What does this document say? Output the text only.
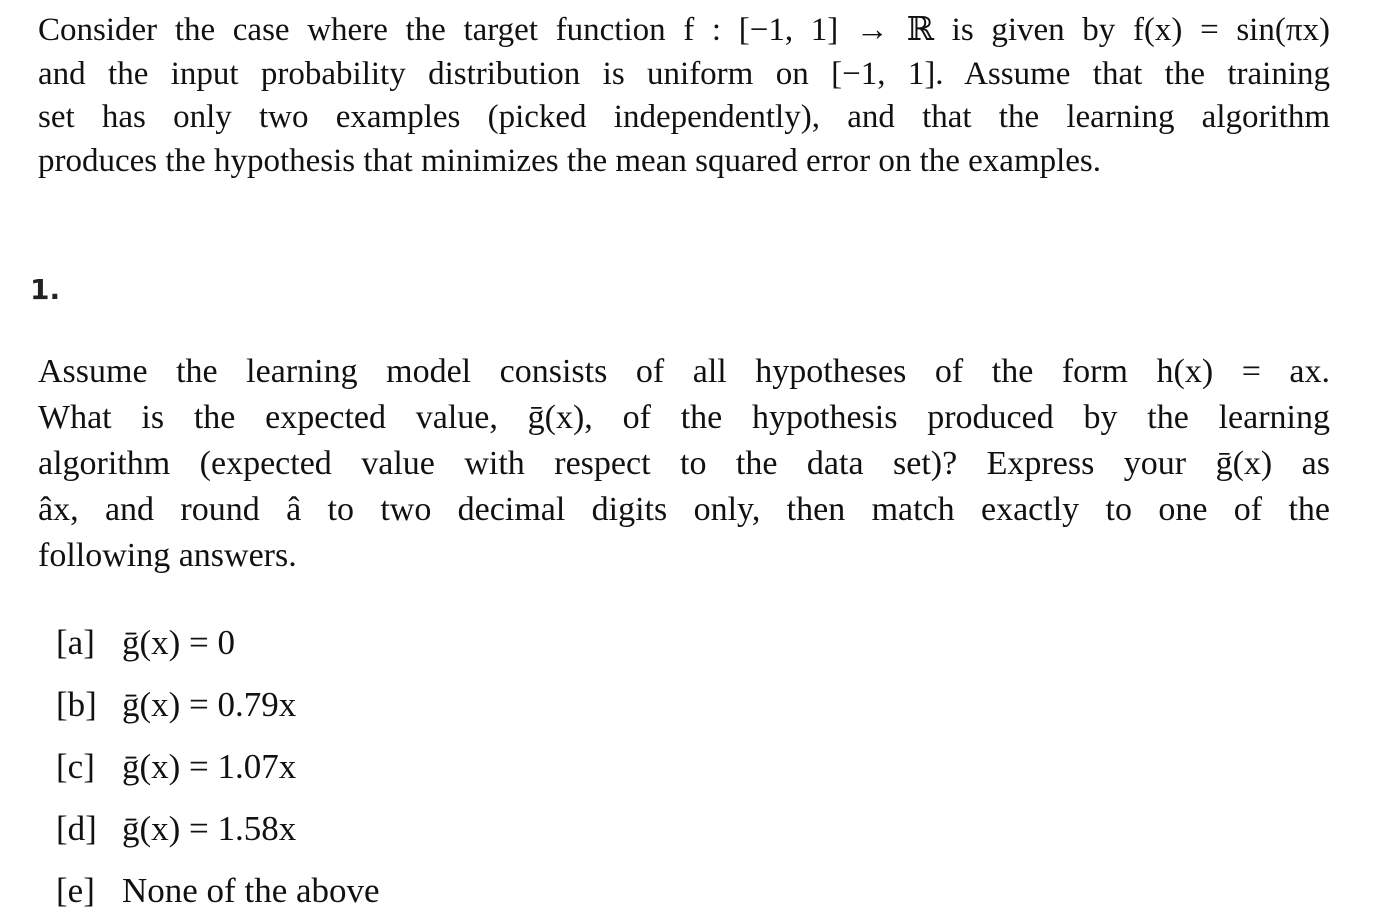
Consider the case where the target function f : [−1, 1] → ℝ is given by f(x) = sin(πx)
and the input probability distribution is uniform on [−1, 1]. Assume that the training
set has only two examples (picked independently), and that the learning algorithm
produces the hypothesis that minimizes the mean squared error on the examples.

1.

Assume the learning model consists of all hypotheses of the form h(x) = ax.
What is the expected value, ḡ(x), of the hypothesis produced by the learning
algorithm (expected value with respect to the data set)? Express your ḡ(x) as
âx, and round â to two decimal digits only, then match exactly to one of the
following answers.

[a] ḡ(x) = 0
[b] ḡ(x) = 0.79x
[c] ḡ(x) = 1.07x
[d] ḡ(x) = 1.58x
[e] None of the above
